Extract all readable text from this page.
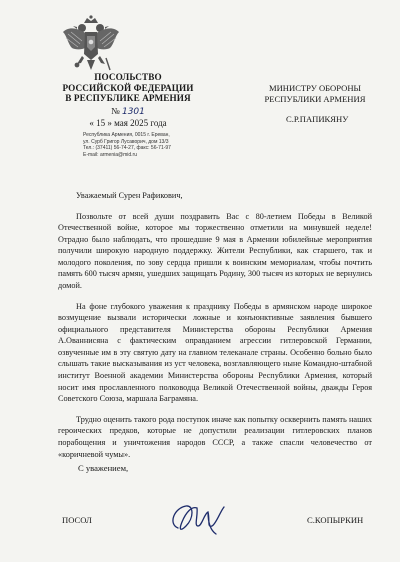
ПОСОЛЬСТВО
РОССИЙСКОЙ ФЕДЕРАЦИИ
В РЕСПУБЛИКЕ АРМЕНИЯ
№ 1301
« 15 » мая 2025 года
Республика Армения, 0015 г. Ереван,
ул. Сурб Григор Лусаворич, дом 13/3
Тел.: (37411) 56-74-27, факс: 56-71-97
E-mail: armenia@mid.ru
МИНИСТРУ ОБОРОНЫ
РЕСПУБЛИКИ АРМЕНИЯ
С.Р.ПАПИКЯНУ

Уважаемый Сурен Рафикович,

Позвольте от всей души поздравить Вас с 80-летием Победы в Великой Отечественной войне, которое мы торжественно отметили на минувшей неделе! Отрадно было наблюдать, что прошедшие 9 мая в Армении юбилейные мероприятия получили широкую народную поддержку. Жители Республики, как старшего, так и молодого поколения, по зову сердца пришли к воинским мемориалам, чтобы почтить память 600 тысяч армян, ушедших защищать Родину, 300 тысяч из которых не вернулись домой.

На фоне глубокого уважения к празднику Победы в армянском народе широкое возмущение вызвали исторически ложные и конъюнктивные заявления бывшего официального представителя Министерства обороны Республики Армения А.Ованнисяна с фактическим оправданием агрессии гитлеровской Германии, озвученные им в эту святую дату на главном телеканале страны. Особенно больно было слышать такие высказывания из уст человека, возглавляющего ныне Командно-штабной институт Военной академии Министерства обороны Республики Армения, который носит имя прославленного полководца Великой Отечественной войны, дважды Героя Советского Союза, маршала Баграмяна.

Трудно оценить такого рода поступок иначе как попытку осквернить память наших героических предков, которые не допустили реализации гитлеровских планов порабощения и уничтожения народов СССР, а также спасли человечество от «коричневой чумы».

С уважением,
ПОСОЛ	С.КОПЫРКИН
